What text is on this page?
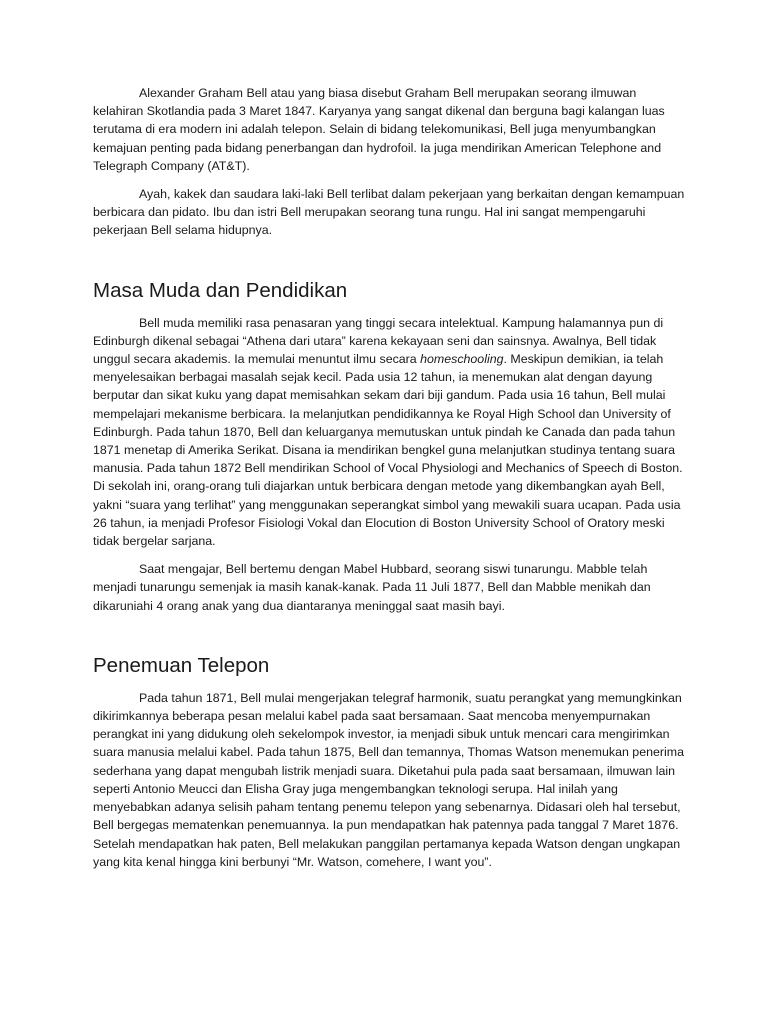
Alexander Graham Bell atau yang biasa disebut Graham Bell merupakan seorang ilmuwan kelahiran Skotlandia pada 3 Maret 1847. Karyanya yang sangat dikenal dan berguna bagi kalangan luas terutama di era modern ini adalah telepon. Selain di bidang telekomunikasi, Bell juga menyumbangkan kemajuan penting pada bidang penerbangan dan hydrofoil. Ia juga mendirikan American Telephone and Telegraph Company (AT&T).

Ayah, kakek dan saudara laki-laki Bell terlibat dalam pekerjaan yang berkaitan dengan kemampuan berbicara dan pidato. Ibu dan istri Bell merupakan seorang tuna rungu. Hal ini sangat mempengaruhi pekerjaan Bell selama hidupnya.

Masa Muda dan Pendidikan

Bell muda memiliki rasa penasaran yang tinggi secara intelektual. Kampung halamannya pun di Edinburgh dikenal sebagai “Athena dari utara” karena kekayaan seni dan sainsnya. Awalnya, Bell tidak unggul secara akademis. Ia memulai menuntut ilmu secara homeschooling. Meskipun demikian, ia telah menyelesaikan berbagai masalah sejak kecil. Pada usia 12 tahun, ia menemukan alat dengan dayung berputar dan sikat kuku yang dapat memisahkan sekam dari biji gandum. Pada usia 16 tahun, Bell mulai mempelajari mekanisme berbicara. Ia melanjutkan pendidikannya ke Royal High School dan University of Edinburgh. Pada tahun 1870, Bell dan keluarganya memutuskan untuk pindah ke Canada dan pada tahun 1871 menetap di Amerika Serikat. Disana ia mendirikan bengkel guna melanjutkan studinya tentang suara manusia. Pada tahun 1872 Bell mendirikan School of Vocal Physiologi and Mechanics of Speech di Boston. Di sekolah ini, orang-orang tuli diajarkan untuk berbicara dengan metode yang dikembangkan ayah Bell, yakni “suara yang terlihat” yang menggunakan seperangkat simbol yang mewakili suara ucapan. Pada usia 26 tahun, ia menjadi Profesor Fisiologi Vokal dan Elocution di Boston University School of Oratory meski tidak bergelar sarjana.

Saat mengajar, Bell bertemu dengan Mabel Hubbard, seorang siswi tunarungu. Mabble telah menjadi tunarungu semenjak ia masih kanak-kanak. Pada 11 Juli 1877, Bell dan Mabble menikah dan dikaruniahi 4 orang anak yang dua diantaranya meninggal saat masih bayi.

Penemuan Telepon

Pada tahun 1871, Bell mulai mengerjakan telegraf harmonik, suatu perangkat yang memungkinkan dikirimkannya beberapa pesan melalui kabel pada saat bersamaan. Saat mencoba menyempurnakan perangkat ini yang didukung oleh sekelompok investor, ia menjadi sibuk untuk mencari cara mengirimkan suara manusia melalui kabel. Pada tahun 1875, Bell dan temannya, Thomas Watson menemukan penerima sederhana yang dapat mengubah listrik menjadi suara. Diketahui pula pada saat bersamaan, ilmuwan lain seperti Antonio Meucci dan Elisha Gray juga mengembangkan teknologi serupa. Hal inilah yang menyebabkan adanya selisih paham tentang penemu telepon yang sebenarnya. Didasari oleh hal tersebut, Bell bergegas mematenkan penemuannya. Ia pun mendapatkan hak patennya pada tanggal 7 Maret 1876. Setelah mendapatkan hak paten, Bell melakukan panggilan pertamanya kepada Watson dengan ungkapan yang kita kenal hingga kini berbunyi “Mr. Watson, comehere, I want you”.
